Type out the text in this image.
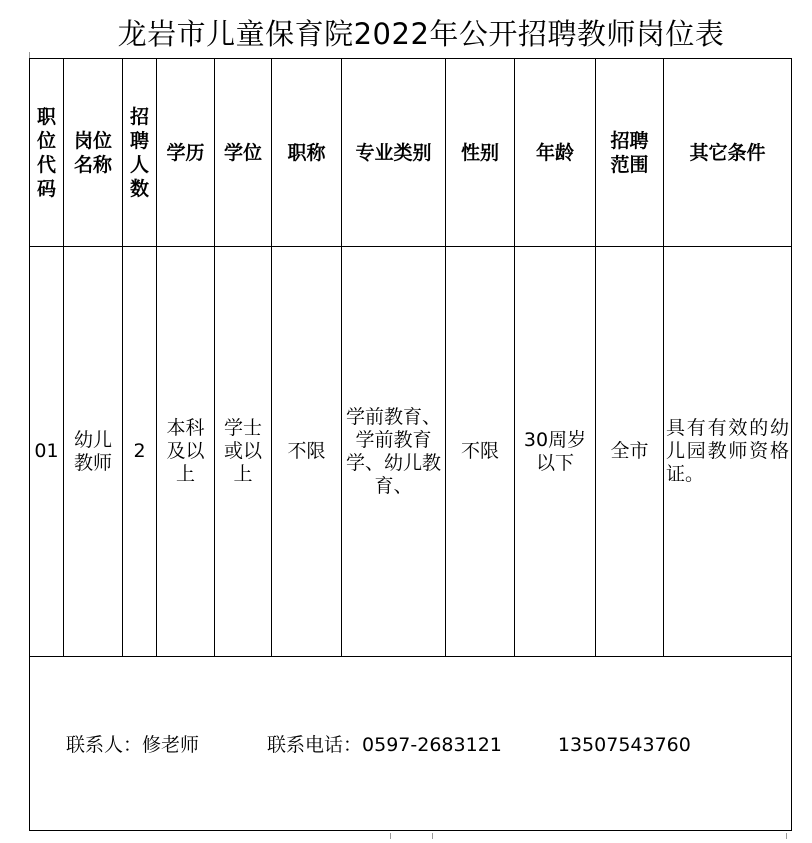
龙岩市儿童保育院2022年公开招聘教师岗位表
职位代码	岗位名称	招聘人数	学历	学位	职称	专业类别	性别	年龄	招聘范围	其它条件
01	幼儿教师	2	本科及以上	学士或以上	不限	学前教育、学前教育学、幼儿教育、	不限	30周岁以下	全市	具有有效的幼儿园教师资格证。
联系人：修老师 联系电话：0597-2683121 13507543760										
